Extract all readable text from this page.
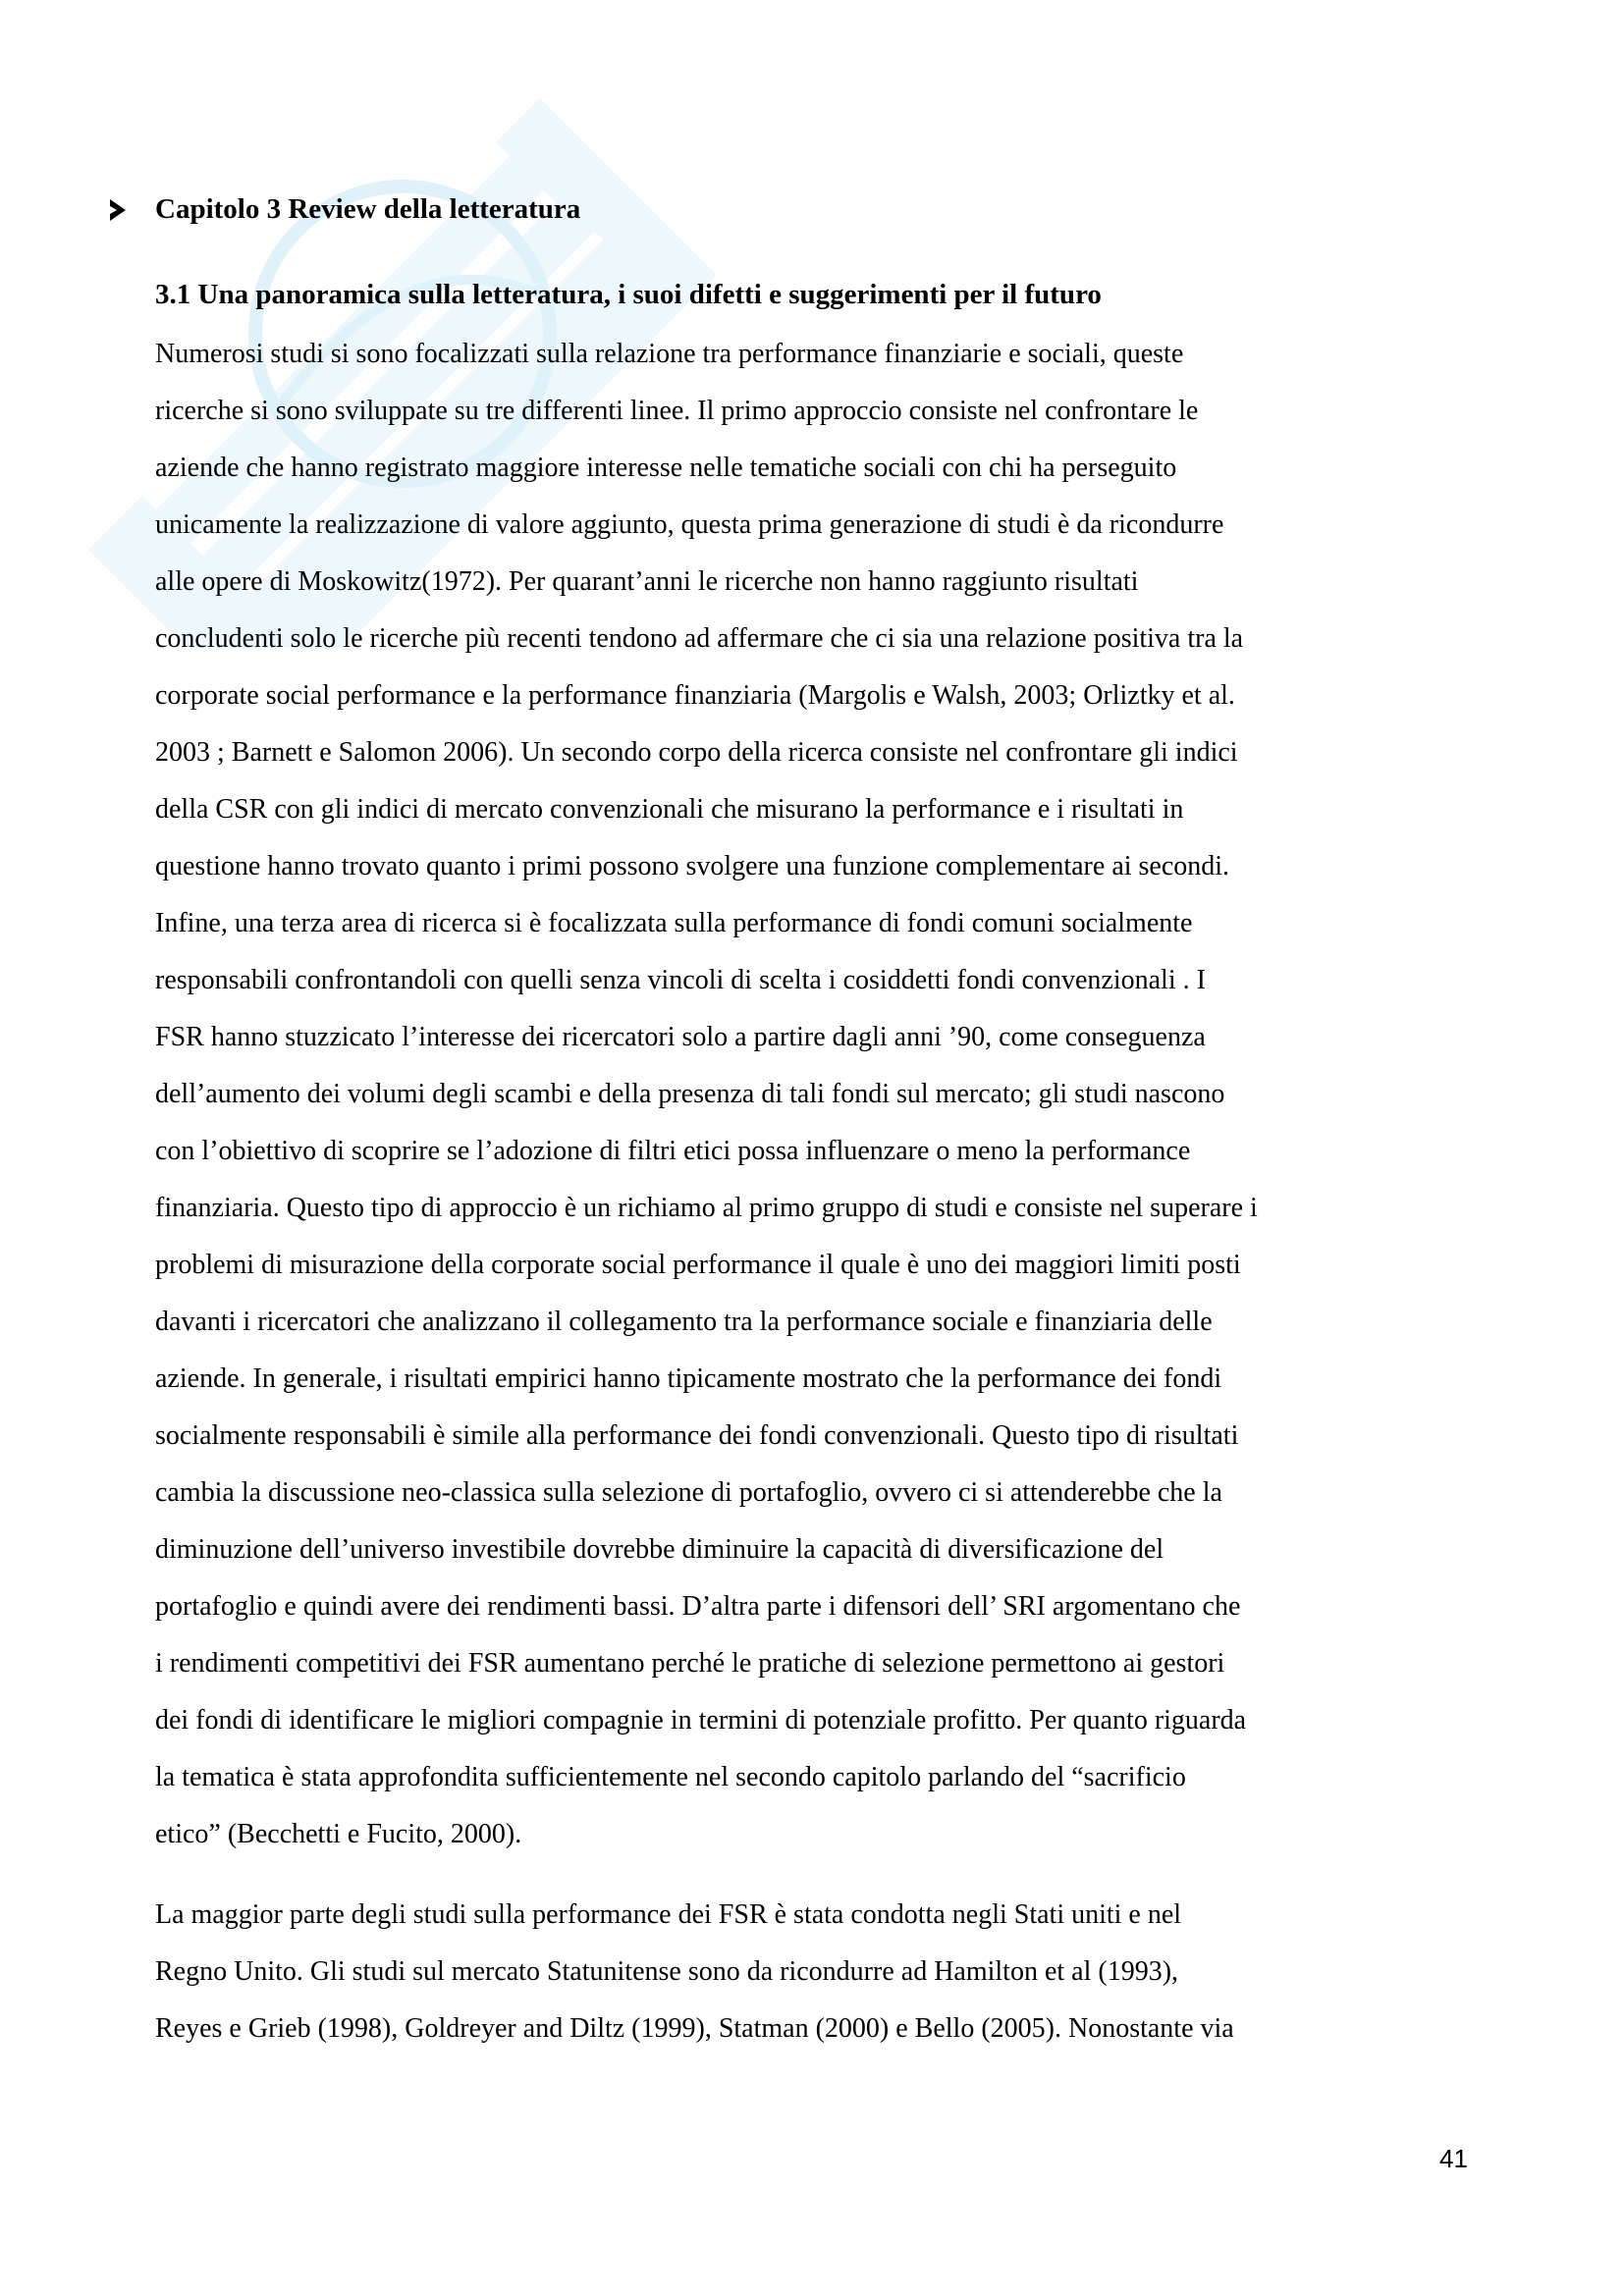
Capitolo 3 Review della letteratura
3.1 Una panoramica sulla letteratura, i suoi difetti e suggerimenti per il futuro
Numerosi studi si sono focalizzati sulla relazione tra performance finanziarie e sociali, queste
ricerche si sono sviluppate su tre differenti linee. Il primo approccio consiste nel confrontare le
aziende che hanno registrato maggiore interesse nelle tematiche sociali con chi ha perseguito
unicamente la realizzazione di valore aggiunto, questa prima generazione di studi è da ricondurre
alle opere di Moskowitz(1972). Per quarant’anni le ricerche non hanno raggiunto risultati
concludenti solo le ricerche più recenti tendono ad affermare che ci sia una relazione positiva tra la
corporate social performance e la performance finanziaria (Margolis e Walsh, 2003; Orliztky et al.
2003 ; Barnett e Salomon 2006). Un secondo corpo della ricerca consiste nel confrontare gli indici
della CSR con gli indici di mercato convenzionali che misurano la performance e i risultati in
questione hanno trovato quanto i primi possono svolgere una funzione complementare ai secondi.
Infine, una terza area di ricerca si è focalizzata sulla performance di fondi comuni socialmente
responsabili confrontandoli con quelli senza vincoli di scelta i cosiddetti fondi convenzionali . I
FSR hanno stuzzicato l’interesse dei ricercatori solo a partire dagli anni ’90, come conseguenza
dell’aumento dei volumi degli scambi e della presenza di tali fondi sul mercato; gli studi nascono
con l’obiettivo di scoprire se l’adozione di filtri etici possa influenzare o meno la performance
finanziaria. Questo tipo di approccio è un richiamo al primo gruppo di studi e consiste nel superare i
problemi di misurazione della corporate social performance il quale è uno dei maggiori limiti posti
davanti i ricercatori che analizzano il collegamento tra la performance sociale e finanziaria delle
aziende. In generale, i risultati empirici hanno tipicamente mostrato che la performance dei fondi
socialmente responsabili è simile alla performance dei fondi convenzionali. Questo tipo di risultati
cambia la discussione neo-classica sulla selezione di portafoglio, ovvero ci si attenderebbe che la
diminuzione dell’universo investibile dovrebbe diminuire la capacità di diversificazione del
portafoglio e quindi avere dei rendimenti bassi. D’altra parte i difensori dell’ SRI argomentano che
i rendimenti competitivi dei FSR aumentano perché le pratiche di selezione permettono ai gestori
dei fondi di identificare le migliori compagnie in termini di potenziale profitto. Per quanto riguarda
la tematica è stata approfondita sufficientemente nel secondo capitolo parlando del “sacrificio
etico” (Becchetti e Fucito, 2000).
La maggior parte degli studi sulla performance dei FSR è stata condotta negli Stati uniti e nel
Regno Unito. Gli studi sul mercato Statunitense sono da ricondurre ad Hamilton et al (1993),
Reyes e Grieb (1998), Goldreyer and Diltz (1999), Statman (2000) e Bello (2005). Nonostante via
41
